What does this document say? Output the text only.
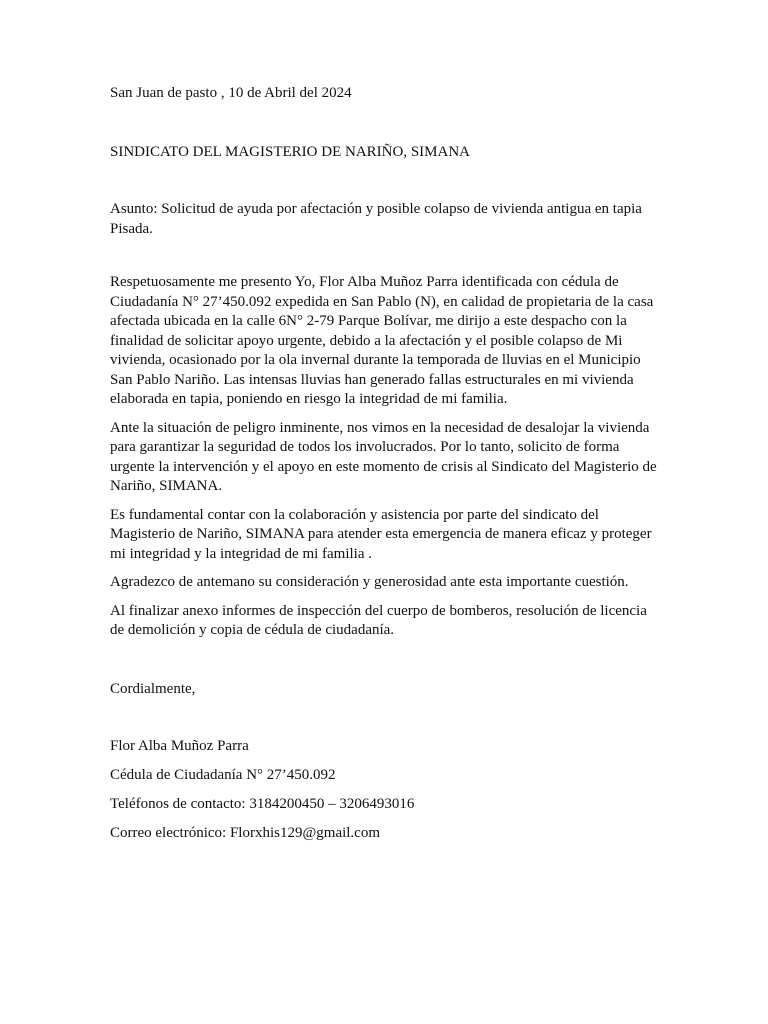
San Juan de pasto , 10 de Abril del 2024

SINDICATO DEL MAGISTERIO DE NARIÑO, SIMANA

Asunto: Solicitud de ayuda por afectación y posible colapso de vivienda antigua en tapia Pisada.

Respetuosamente me presento Yo, Flor Alba Muñoz Parra identificada con cédula de Ciudadanía N° 27’450.092 expedida en San Pablo (N), en calidad de propietaria de la casa afectada ubicada en la calle 6N° 2-79 Parque Bolívar, me dirijo a este despacho con la finalidad de solicitar apoyo urgente, debido a la afectación y el posible colapso de Mi vivienda, ocasionado por la ola invernal durante la temporada de lluvias en el Municipio San Pablo Nariño. Las intensas lluvias han generado fallas estructurales en mi vivienda elaborada en tapia, poniendo en riesgo la integridad de mi familia.

Ante la situación de peligro inminente, nos vimos en la necesidad de desalojar la vivienda para garantizar la seguridad de todos los involucrados. Por lo tanto, solicito de forma urgente la intervención y el apoyo en este momento de crisis al Sindicato del Magisterio de Nariño, SIMANA.

Es fundamental contar con la colaboración y asistencia por parte del sindicato del Magisterio de Nariño, SIMANA para atender esta emergencia de manera eficaz y proteger mi integridad y la integridad de mi familia .

Agradezco de antemano su consideración y generosidad ante esta importante cuestión.

Al finalizar anexo informes de inspección del cuerpo de bomberos, resolución de licencia de demolición y copia de cédula de ciudadanía.

Cordialmente,

Flor Alba Muñoz Parra

Cédula de Ciudadanía N° 27’450.092

Teléfonos de contacto: 3184200450 – 3206493016

Correo electrónico: Florxhis129@gmail.com
